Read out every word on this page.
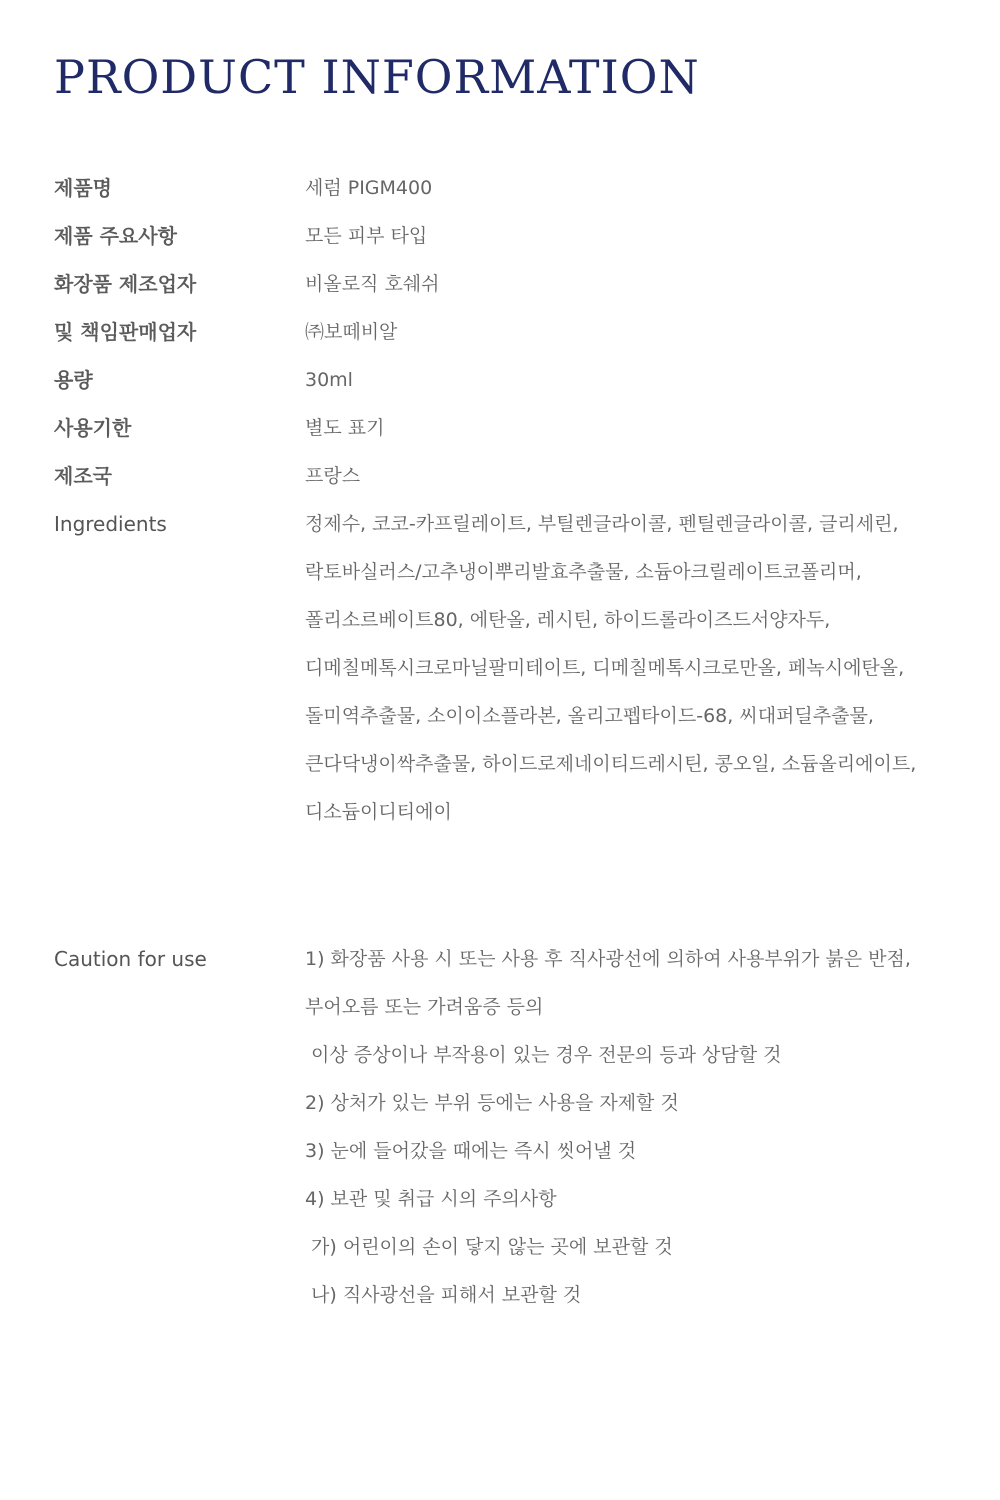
PRODUCT INFORMATION
제품명	세럼 PIGM400
제품 주요사항	모든 피부 타입
화장품 제조업자	비올로직 호쉐쉬
및 책임판매업자	㈜보떼비알
용량	30ml
사용기한	별도 표기
제조국	프랑스
Ingredients	정제수, 코코-카프릴레이트, 부틸렌글라이콜, 펜틸렌글라이콜, 글리세린,
락토바실러스/고추냉이뿌리발효추출물, 소듐아크릴레이트코폴리머,
폴리소르베이트80, 에탄올, 레시틴, 하이드롤라이즈드서양자두,
디메칠메톡시크로마닐팔미테이트, 디메칠메톡시크로만올, 페녹시에탄올,
돌미역추출물, 소이이소플라본, 올리고펩타이드-68, 씨대퍼딜추출물,
큰다닥냉이싹추출물, 하이드로제네이티드레시틴, 콩오일, 소듐올리에이트,
디소듐이디티에이
Caution for use	1) 화장품 사용 시 또는 사용 후 직사광선에 의하여 사용부위가 붉은 반점,
부어오름 또는 가려움증 등의
이상 증상이나 부작용이 있는 경우 전문의 등과 상담할 것
2) 상처가 있는 부위 등에는 사용을 자제할 것
3) 눈에 들어갔을 때에는 즉시 씻어낼 것
4) 보관 및 취급 시의 주의사항
가) 어린이의 손이 닿지 않는 곳에 보관할 것
나) 직사광선을 피해서 보관할 것
